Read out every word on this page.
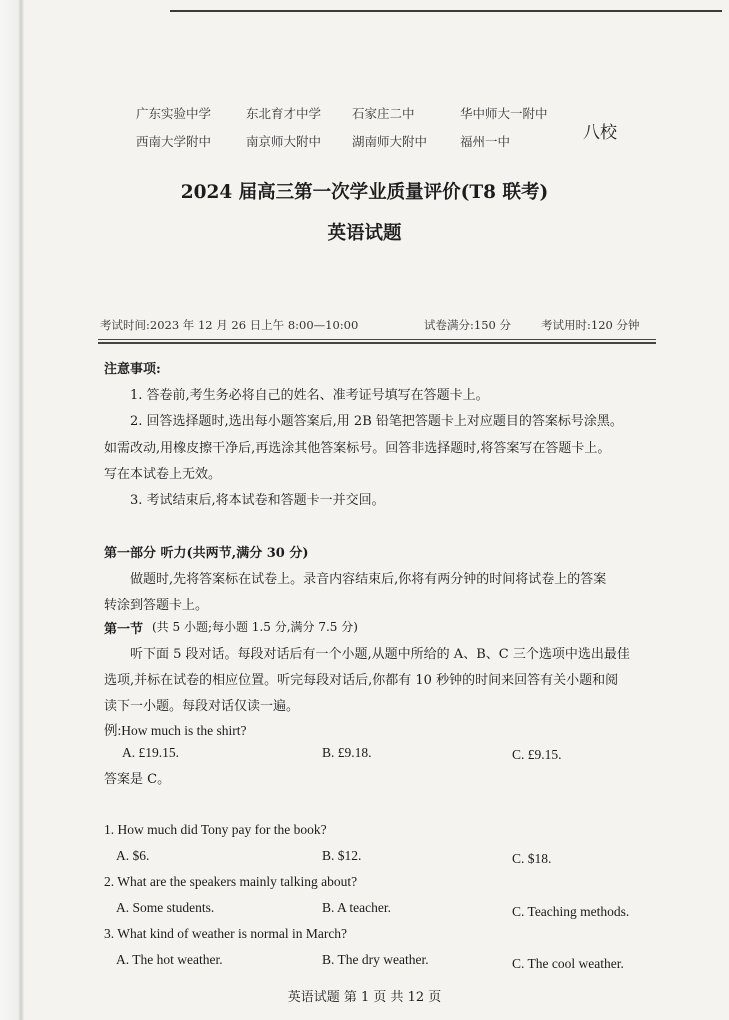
广东实验中学	东北育才中学 石家庄二中	华中师大一附中
西南大学附中	南京师大附中 湖南师大附中	福州一中	八校
2024 届高三第一次学业质量评价(T8 联考)
英语试题
考试时间:2023 年 12 月 26 日上午 8:00—10:00	试卷满分:150 分	考试用时:120 分钟
注意事项:
1. 答卷前,考生务必将自己的姓名、准考证号填写在答题卡上。
2. 回答选择题时,选出每小题答案后,用 2B 铅笔把答题卡上对应题目的答案标号涂黑。
如需改动,用橡皮擦干净后,再选涂其他答案标号。回答非选择题时,将答案写在答题卡上。
写在本试卷上无效。
3. 考试结束后,将本试卷和答题卡一并交回。
第一部分 听力(共两节,满分 30 分)
做题时,先将答案标在试卷上。录音内容结束后,你将有两分钟的时间将试卷上的答案
转涂到答题卡上。
第一节 (共 5 小题;每小题 1.5 分,满分 7.5 分)
听下面 5 段对话。每段对话后有一个小题,从题中所给的 A、B、C 三个选项中选出最佳
选项,并标在试卷的相应位置。听完每段对话后,你都有 10 秒钟的时间来回答有关小题和阅
读下一小题。每段对话仅读一遍。
例:How much is the shirt?
A. £19.15.	B. £9.18.	C. £9.15.
答案是 C。
1. How much did Tony pay for the book?
A. $6.	B. $12.	C. $18.
2. What are the speakers mainly talking about?
A. Some students.	B. A teacher.	C. Teaching methods.
3. What kind of weather is normal in March?
A. The hot weather.	B. The dry weather.	C. The cool weather.
英语试题 第 1 页 共 12 页
